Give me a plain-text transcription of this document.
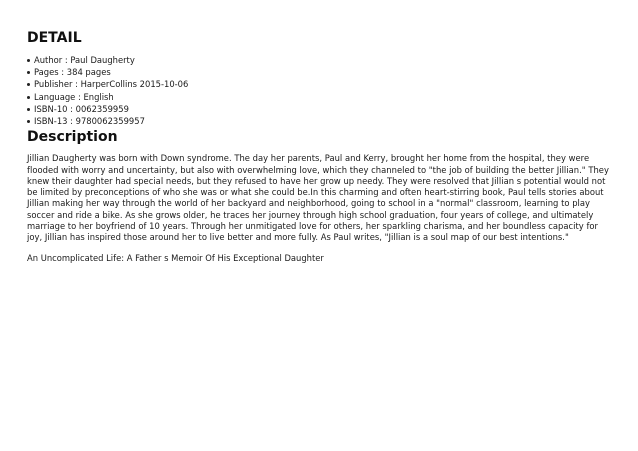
DETAIL
Author : Paul Daugherty
Pages : 384 pages
Publisher : HarperCollins 2015-10-06
Language : English
ISBN-10 : 0062359959
ISBN-13 : 9780062359957
Description

Jillian Daugherty was born with Down syndrome. The day her parents, Paul and Kerry, brought her home from the hospital, they were flooded with worry and uncertainty, but also with overwhelming love, which they channeled to "the job of building the better Jillian." They knew their daughter had special needs, but they refused to have her grow up needy. They were resolved that Jillian s potential would not be limited by preconceptions of who she was or what she could be.In this charming and often heart-stirring book, Paul tells stories about Jillian making her way through the world of her backyard and neighborhood, going to school in a "normal" classroom, learning to play soccer and ride a bike. As she grows older, he traces her journey through high school graduation, four years of college, and ultimately marriage to her boyfriend of 10 years. Through her unmitigated love for others, her sparkling charisma, and her boundless capacity for joy, Jillian has inspired those around her to live better and more fully. As Paul writes, "Jillian is a soul map of our best intentions."

An Uncomplicated Life: A Father s Memoir Of His Exceptional Daughter
